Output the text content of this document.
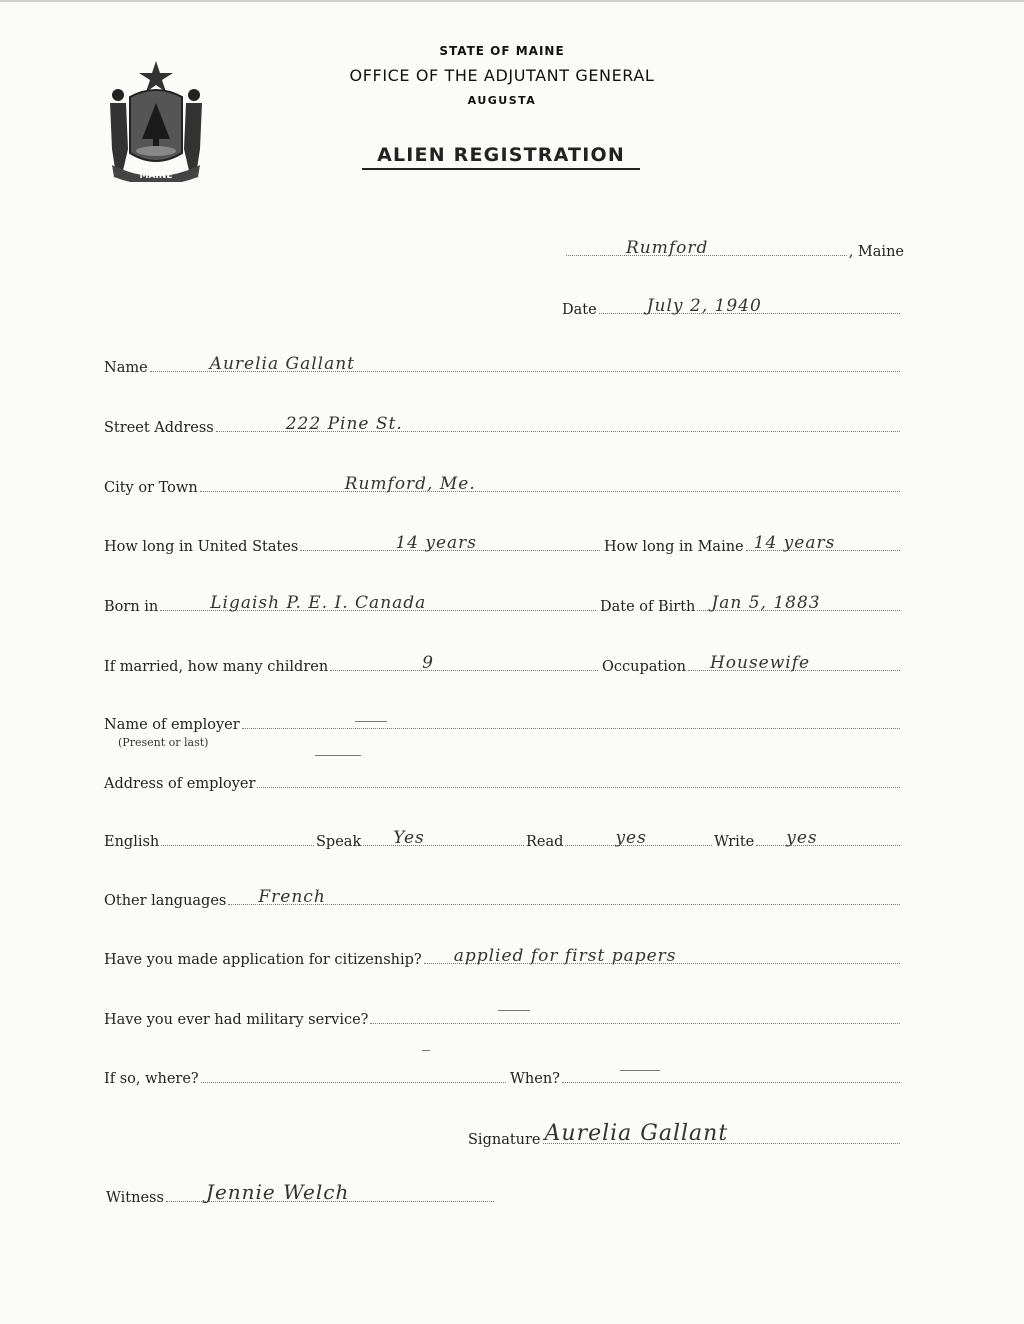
MAINE
STATE OF MAINE
OFFICE OF THE ADJUTANT GENERAL
AUGUSTA
ALIEN REGISTRATION
Rumford	, Maine
Date	July 2, 1940
Name	Aurelia Gallant
Street Address	222 Pine St.
City or Town	Rumford, Me.
How long in United States	14 years	How long in Maine 14 years
Born in	Ligaish P. E. I. Canada	Date of Birth Jan 5, 1883
If married, how many children	9	Occupation Housewife
Name of employer
(Present or last)
Address of employer
English	Speak Yes	Read	yes	Write yes
Other languages French
Have you made application for citizenship? applied for first papers
Have you ever had military service?
If so, where?	When?
Signature Aurelia Gallant
Witness Jennie Welch
